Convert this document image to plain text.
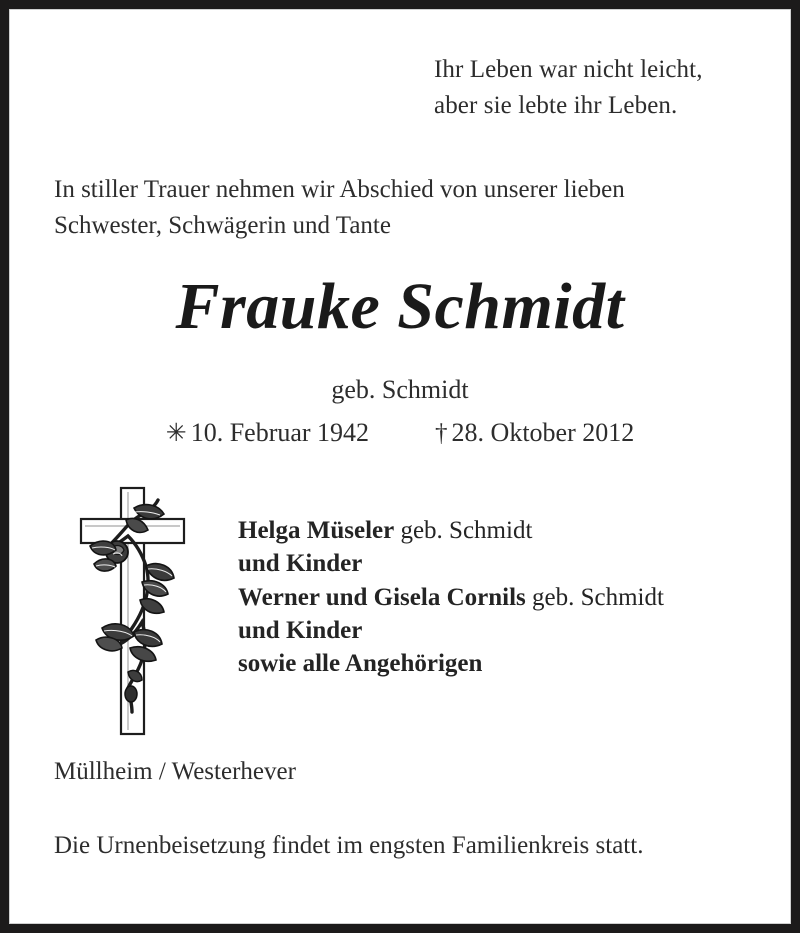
Ihr Leben war nicht leicht,
aber sie lebte ihr Leben.
In stiller Trauer nehmen wir Abschied von unserer lieben
Schwester, Schwägerin und Tante
Frauke Schmidt
geb. Schmidt
✳ 10. Februar 1942	† 28. Oktober 2012
Helga Müseler geb. Schmidt
und Kinder
Werner und Gisela Cornils geb. Schmidt
und Kinder
sowie alle Angehörigen
Müllheim / Westerhever
Die Urnenbeisetzung findet im engsten Familienkreis statt.
